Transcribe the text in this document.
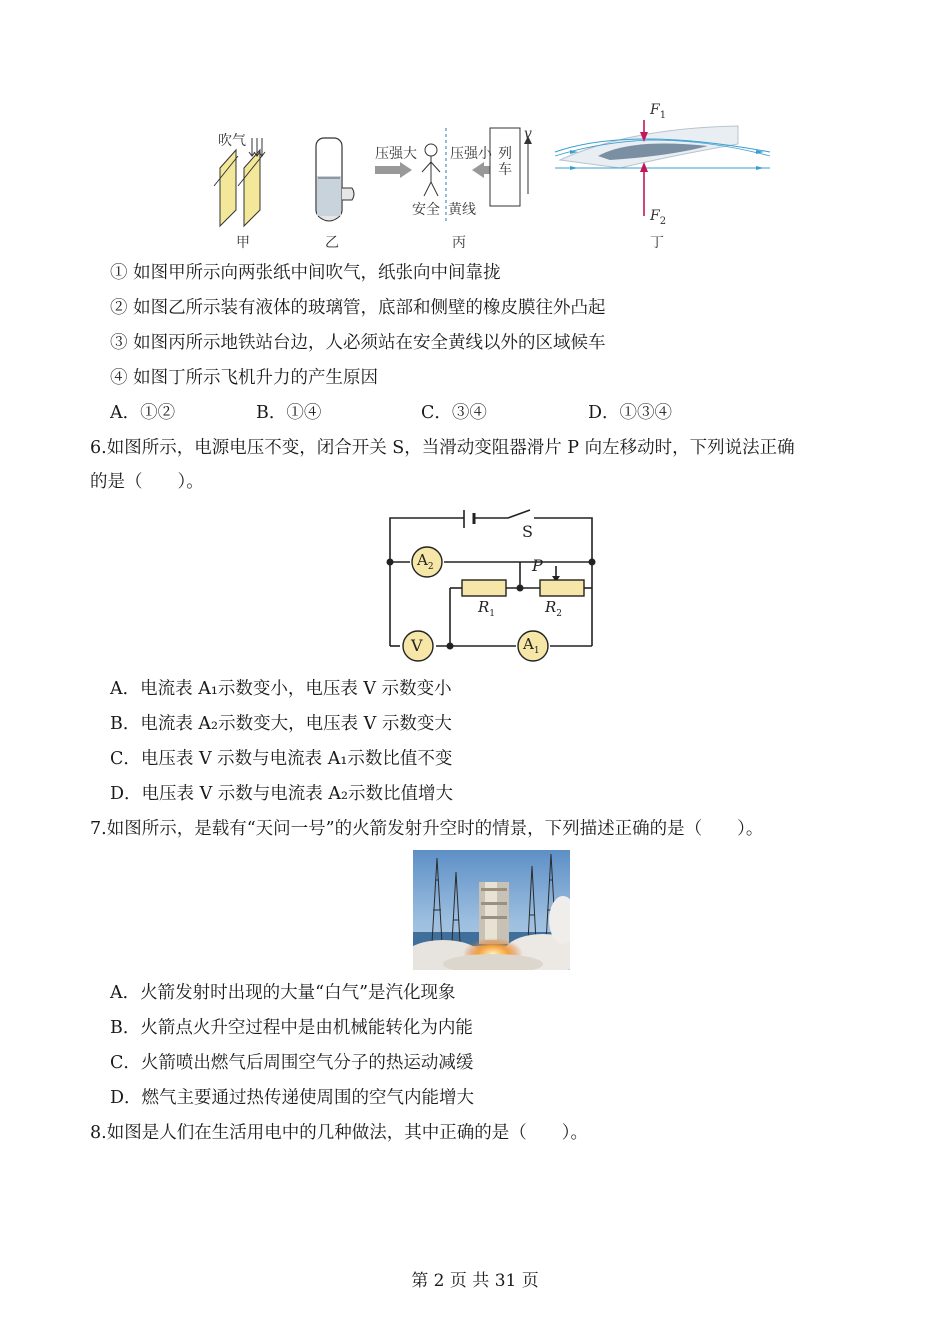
吹气
压强大 压强小 列车
v
安全 黄线
$F_1$
$F_2$
甲	乙	丙	丁
① 如图甲所示向两张纸中间吹气，纸张向中间靠拢
② 如图乙所示装有液体的玻璃管，底部和侧壁的橡皮膜往外凸起
③ 如图丙所示地铁站台边，人必须站在安全黄线以外的区域候车
④ 如图丁所示飞机升力的产生原因
A．①②	B．①④	C．③④	D．①③④
6.如图所示，电源电压不变，闭合开关 S，当滑动变阻器滑片 P 向左移动时，下列说法正确
的是（　　）。
S
P
$A_2$
V	$A_1$
$R_1$	$R_2$
A．电流表 A₁示数变小，电压表 V 示数变小
B．电流表 A₂示数变大，电压表 V 示数变大
C．电压表 V 示数与电流表 A₁示数比值不变
D．电压表 V 示数与电流表 A₂示数比值增大
7.如图所示，是载有“天问一号”的火箭发射升空时的情景，下列描述正确的是（　　）。
A．火箭发射时出现的大量“白气”是汽化现象
B．火箭点火升空过程中是由机械能转化为内能
C．火箭喷出燃气后周围空气分子的热运动减缓
D．燃气主要通过热传递使周围的空气内能增大
8.如图是人们在生活用电中的几种做法，其中正确的是（　　）。
第 2 页 共 31 页
